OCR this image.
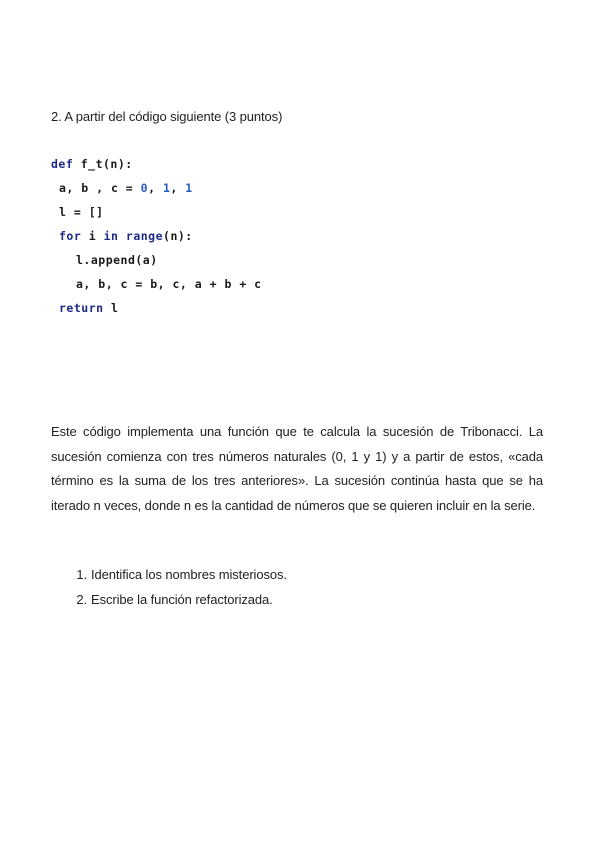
2. A partir del código siguiente (3 puntos)
def f_t(n):
a, b , c = 0, 1, 1
l = []
for i in range(n):
l.append(a)
a, b, c = b, c, a + b + c
return l
Este código implementa una función que te calcula la sucesión de Tribonacci. La sucesión comienza con tres números naturales (0, 1 y 1) y a partir de estos, «cada término es la suma de los tres anteriores». La sucesión continúa hasta que se ha iterado n veces, donde n es la cantidad de números que se quieren incluir en la serie.
1. Identifica los nombres misteriosos.
2. Escribe la función refactorizada.
